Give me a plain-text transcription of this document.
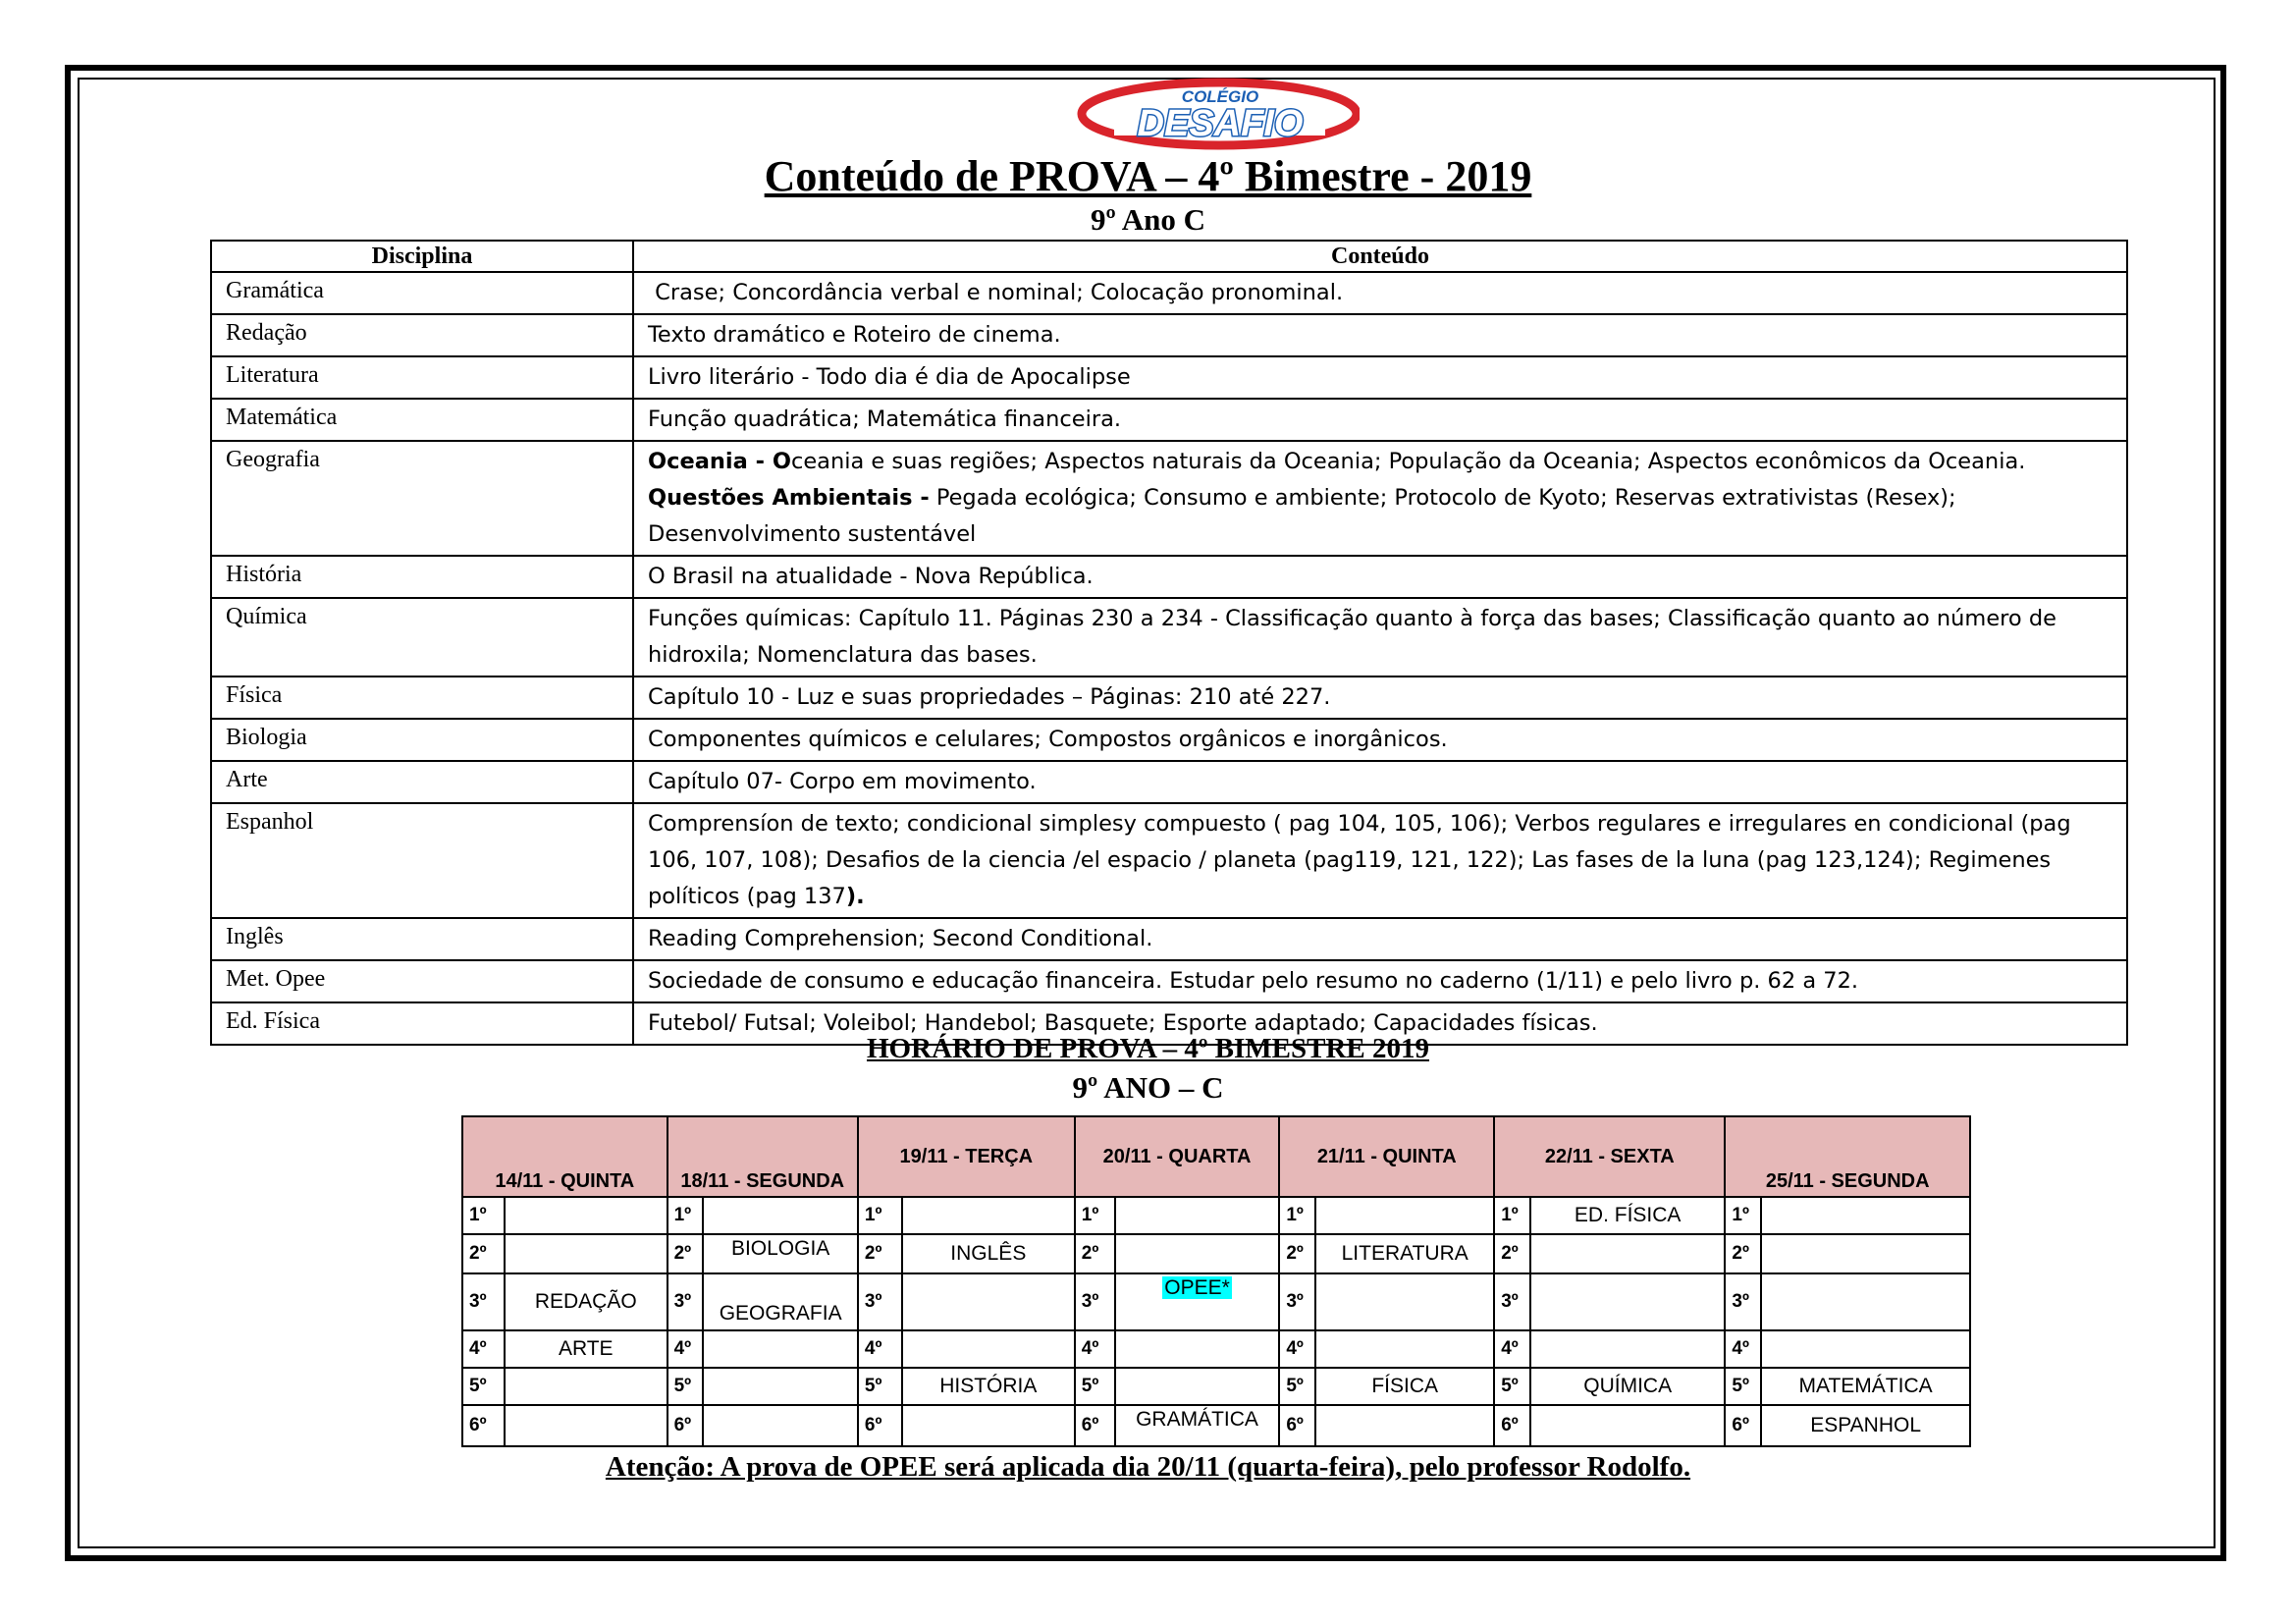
COLÉGIO
DESAFIO
Conteúdo de PROVA – 4º Bimestre - 2019
9º Ano C
Disciplina	Conteúdo
Gramática	Crase; Concordância verbal e nominal; Colocação pronominal.
Redação	Texto dramático e Roteiro de cinema.
Literatura	Livro literário - Todo dia é dia de Apocalipse
Matemática	Função quadrática; Matemática financeira.
Geografia	Oceania - Oceania e suas regiões; Aspectos naturais da Oceania; População da Oceania; Aspectos econômicos da Oceania. Questões Ambientais - Pegada ecológica; Consumo e ambiente; Protocolo de Kyoto; Reservas extrativistas (Resex); Desenvolvimento sustentável
História	O Brasil na atualidade - Nova República.
Química	Funções químicas: Capítulo 11. Páginas 230 a 234 - Classificação quanto à força das bases; Classificação quanto ao número de hidroxila; Nomenclatura das bases.
Física	Capítulo 10 - Luz e suas propriedades – Páginas: 210 até 227.
Biologia	Componentes químicos e celulares; Compostos orgânicos e inorgânicos.
Arte	Capítulo 07- Corpo em movimento.
Espanhol	Comprensíon de texto; condicional simplesy compuesto ( pag 104, 105, 106); Verbos regulares e irregulares en condicional (pag 106, 107, 108); Desafios de la ciencia /el espacio / planeta (pag119, 121, 122); Las fases de la luna (pag 123,124); Regimenes políticos (pag 137).
Inglês	Reading Comprehension; Second Conditional.
Met. Opee	Sociedade de consumo e educação financeira. Estudar pelo resumo no caderno (1/11) e pelo livro p. 62 a 72.
Ed. Física	Futebol/ Futsal; Voleibol; Handebol; Basquete; Esporte adaptado; Capacidades físicas.
HORÁRIO DE PROVA – 4º BIMESTRE 2019
9º ANO – C
14/11 - QUINTA		18/11 - SEGUNDA		19/11 - TERÇA		20/11 - QUARTA		21/11 - QUINTA		22/11 - SEXTA		25/11 - SEGUNDA	
1º		1º		1º		1º		1º		1º	ED. FÍSICA	1º	
2º		2º	BIOLOGIA	2º	INGLÊS	2º		2º	LITERATURA	2º		2º	
3º	REDAÇÃO	3º	GEOGRAFIA	3º		3º	OPEE*	3º		3º		3º	
4º	ARTE	4º		4º		4º		4º		4º		4º	
5º		5º		5º	HISTÓRIA	5º		5º	FÍSICA	5º	QUÍMICA	5º	MATEMÁTICA
6º		6º		6º		6º	GRAMÁTICA	6º		6º		6º	ESPANHOL
Atenção: A prova de OPEE será aplicada dia 20/11 (quarta-feira), pelo professor Rodolfo.
